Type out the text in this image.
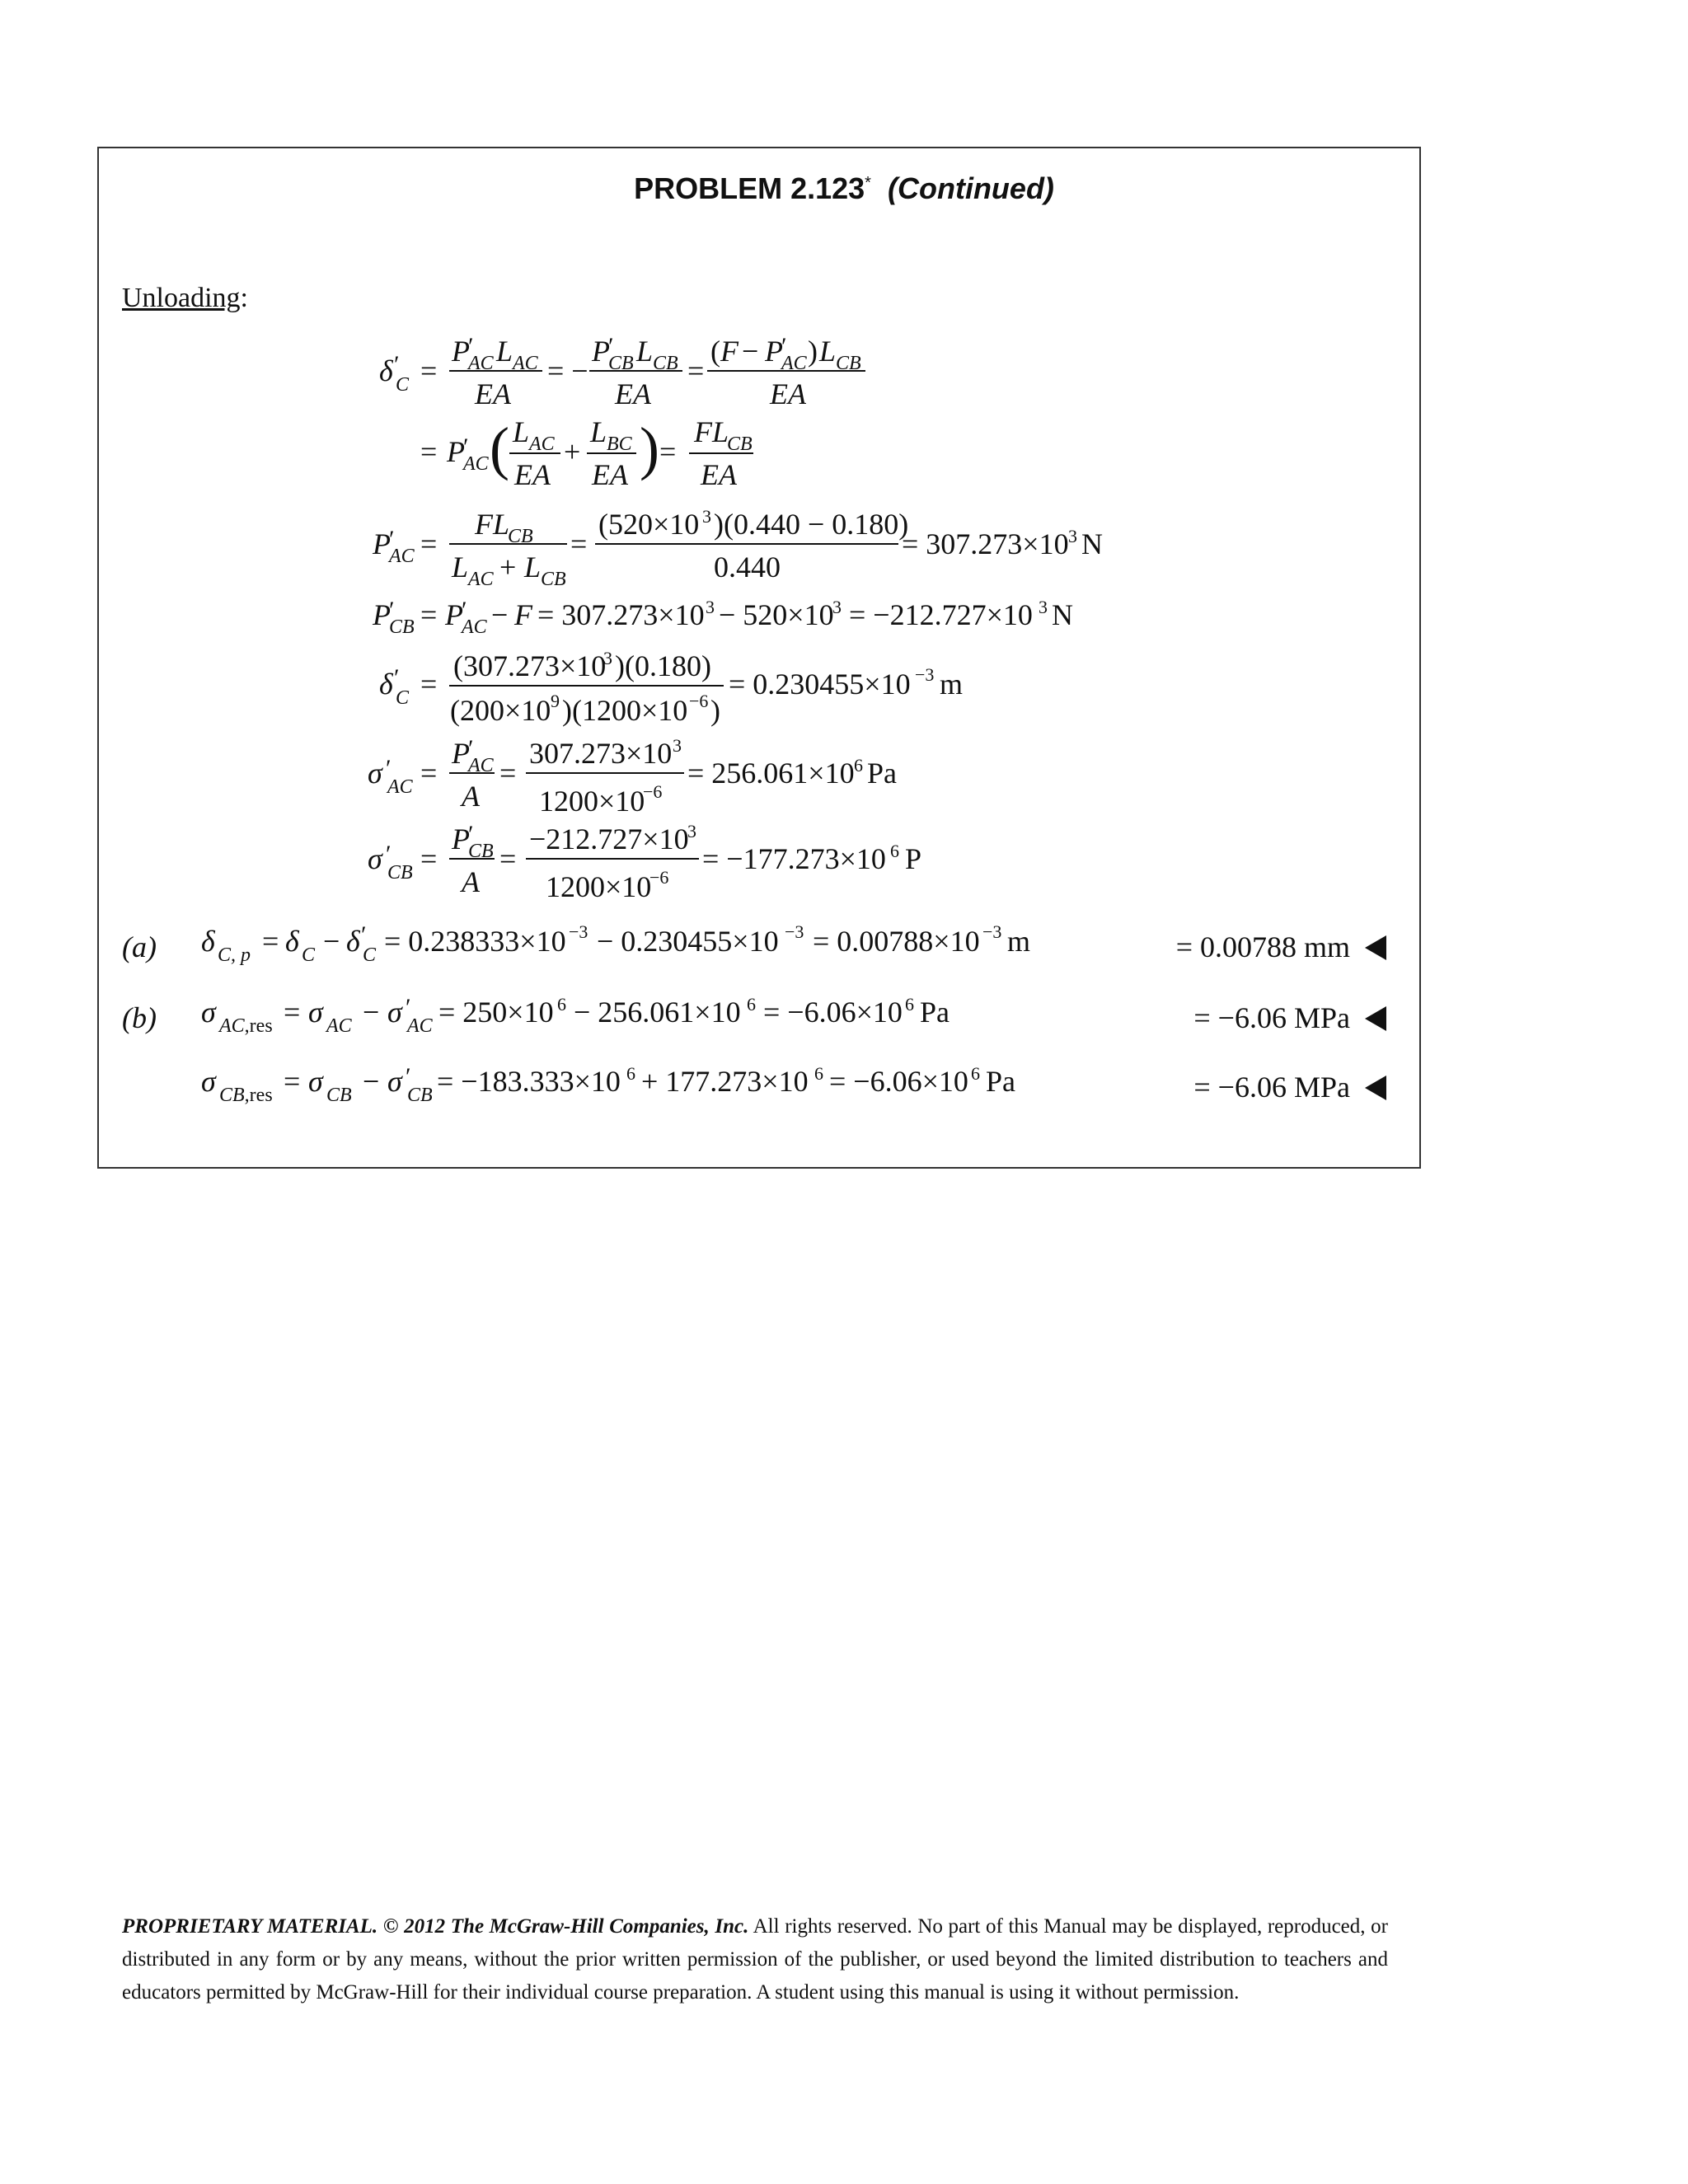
PROBLEM 2.123* (Continued)
Unloading:
δ ′
C =
P
′
AC L AC
EA
= −
P
′
CB L CB
EA
=
( F − P
′
AC ) L CB
EA
= P
′
AC ( L AC
EA
+
L BC
EA ) =
FL
CB
EA
P
′
AC =
FL
CB
L AC + L CB
=
(520×10 3 )(0.440 − 0.180)
0.440
= 307.273×10 3 N
P
′
CB = P
′
AC − F = 307.273×10 3 − 520×10
3 = −212.727×10 3 N
δ ′
C =
(307.273×10
3 )(0.180)
(200×10 9 )(1200×10 −6 )
= 0.230455×10 −3 m
σ ′
AC =
P
′
AC
A
=
307.273×10 3
1200×10
−6
= 256.061×10 6 Pa
σ ′
CB =
P
′
CB
A
=
−212.727×10
3
1200×10
−6
= −177.273×10 6 P
δ C, p = δ C − δ ′
C = 0.238333×10 −3 − 0.230455×10 −3 = 0.00788×10 −3 m
σ AC,res = σ AC − σ ′
AC = 250×10 6 − 256.061×10 6 = −6.06×10 6 Pa
σ CB,res = σ CB − σ ′
CB = −183.333×10 6 + 177.273×10 6 = −6.06×10 6 Pa
(a)
(b)
= 0.00788 mm
= −6.06 MPa
= −6.06 MPa
PROPRIETARY MATERIAL. © 2012 The McGraw-Hill Companies, Inc. All rights reserved. No part of this Manual may be displayed, reproduced, or distributed in any form or by any means, without the prior written permission of the publisher, or used beyond the limited distribution to teachers and educators permitted by McGraw-Hill for their individual course preparation. A student using this manual is using it without permission.
